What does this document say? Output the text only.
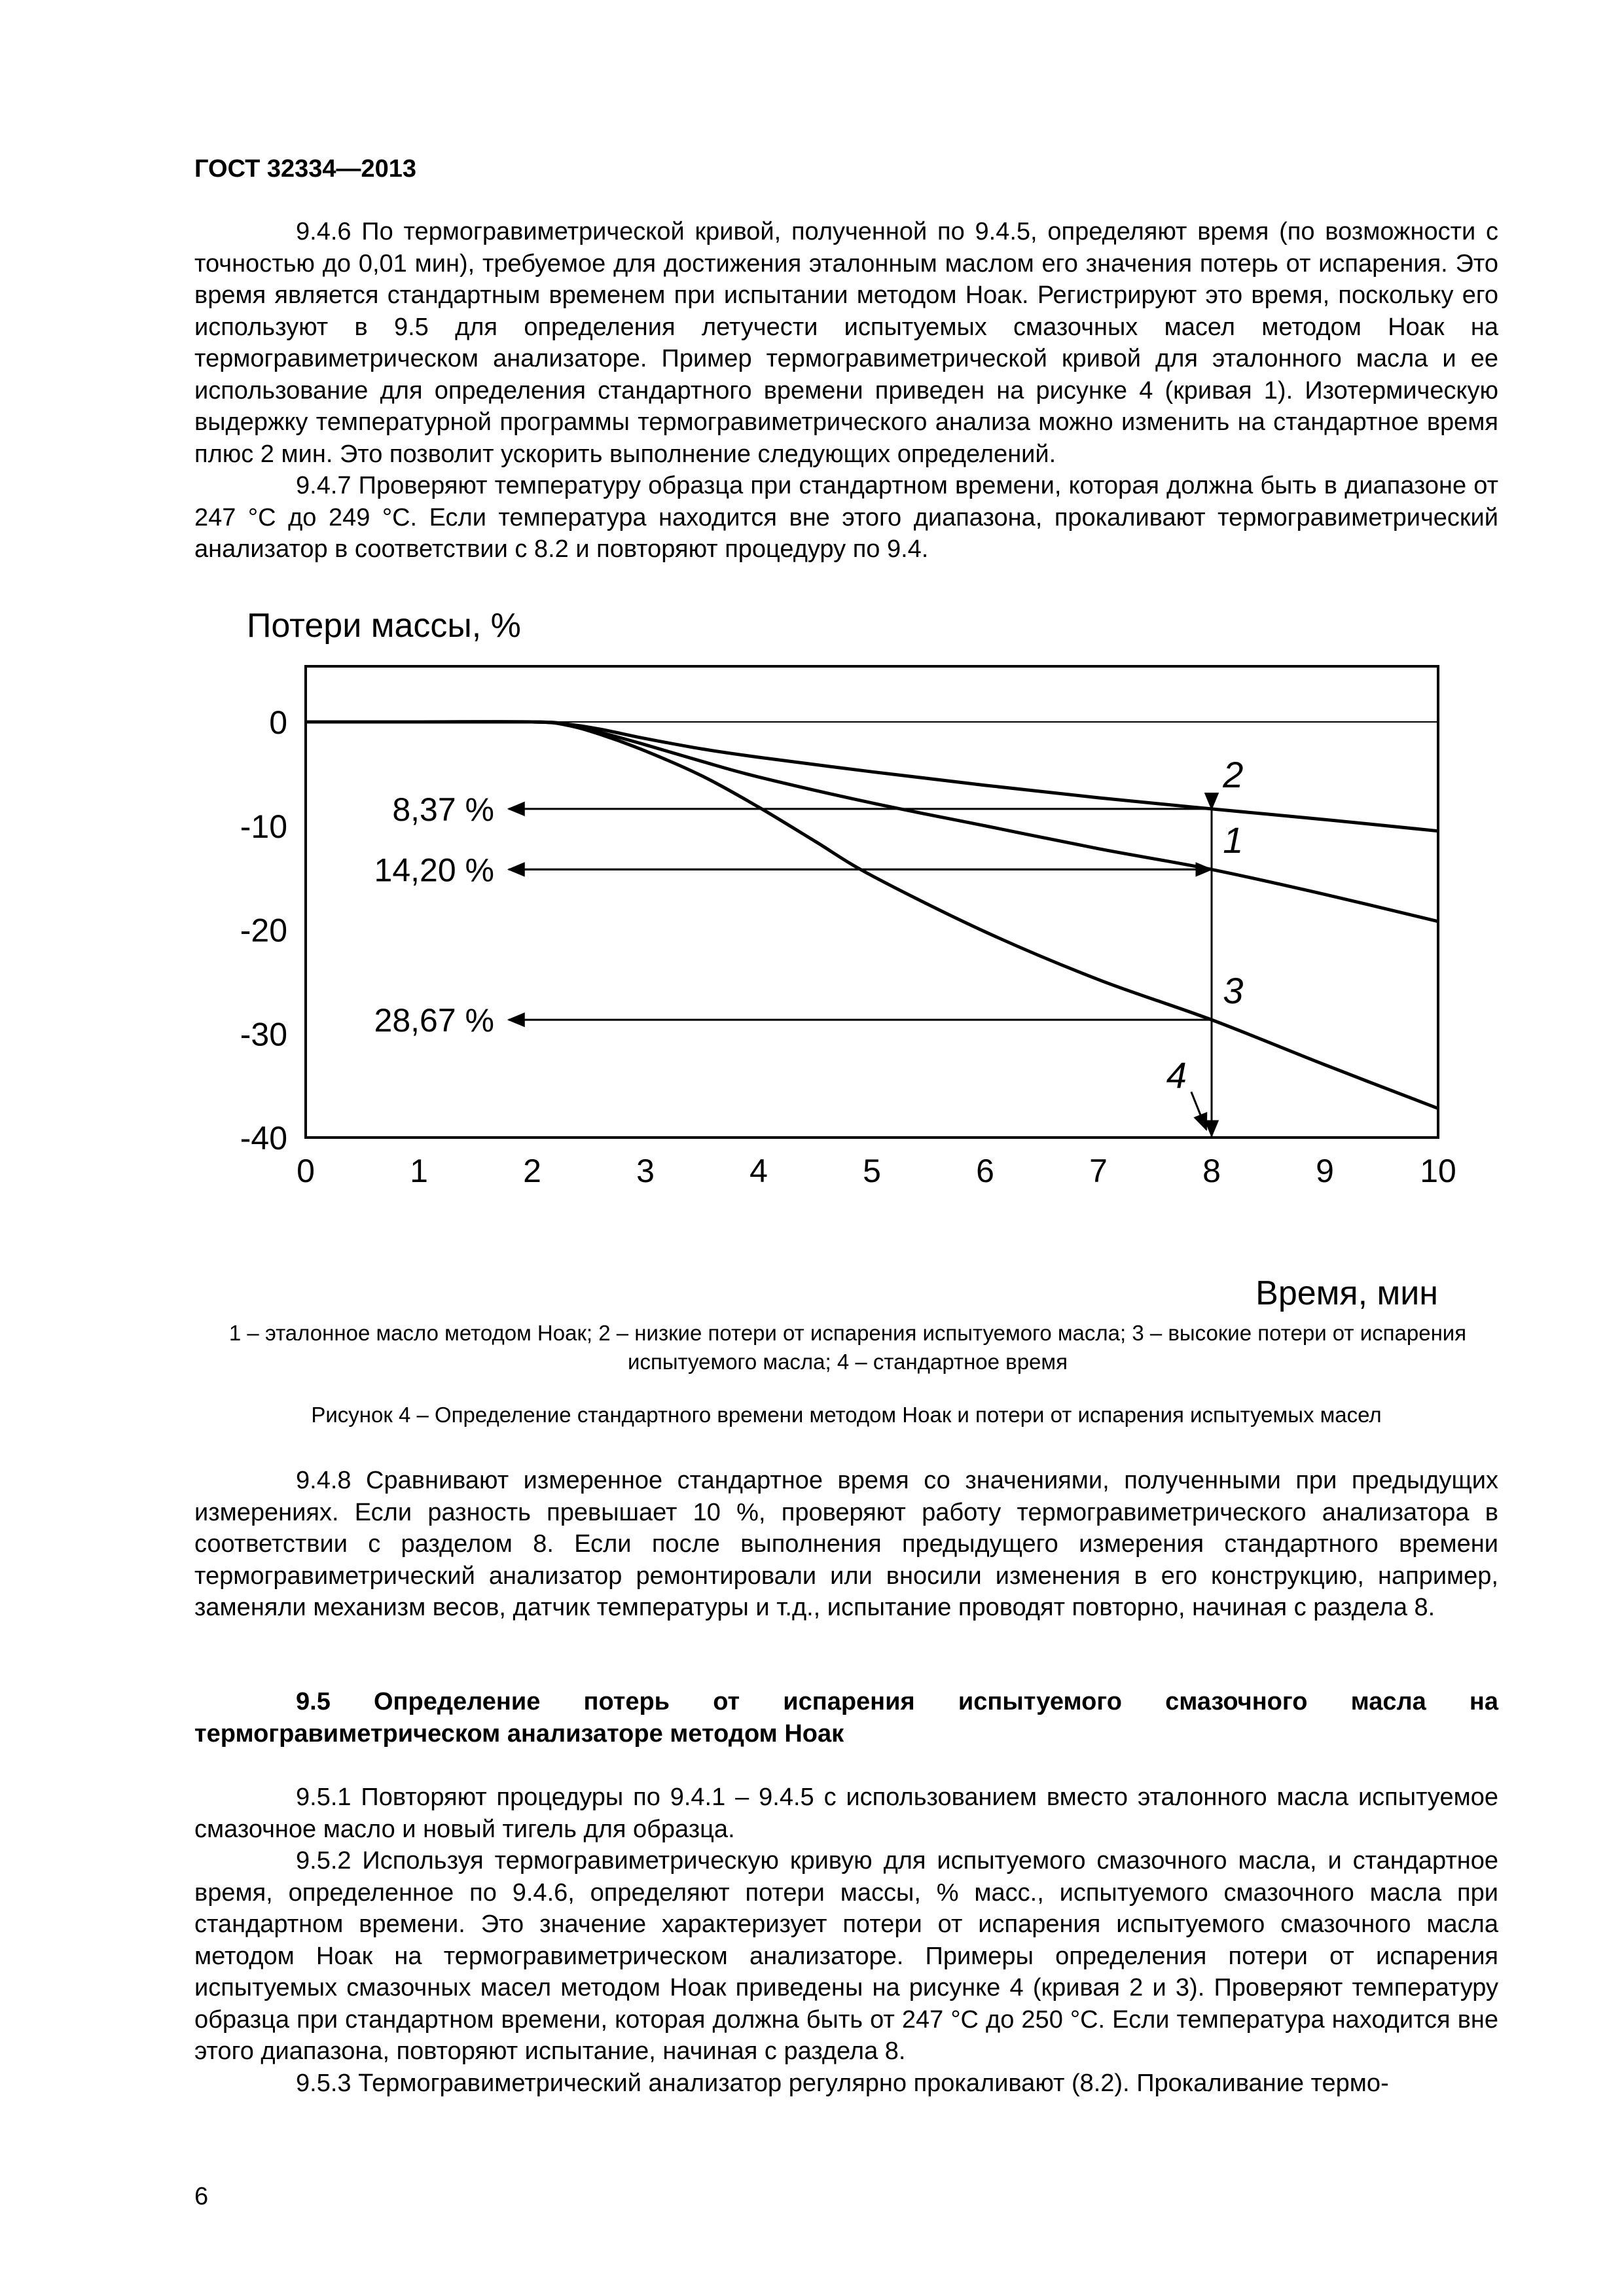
ГОСТ 32334—2013

9.4.6 По термогравиметрической кривой, полученной по 9.4.5, определяют время (по возможности с точностью до 0,01 мин), требуемое для достижения эталонным маслом его значения потерь от испарения. Это время является стандартным временем при испытании методом Ноак. Регистрируют это время, поскольку его используют в 9.5 для определения летучести испытуемых смазочных масел методом Ноак на термогравиметрическом анализаторе. Пример термогравиметрической кривой для эталонного масла и ее использование для определения стандартного времени приведен на рисунке 4 (кривая 1). Изотермическую выдержку температурной программы термогравиметрического анализа можно изменить на стандартное время плюс 2 мин. Это позволит ускорить выполнение следующих определений.

9.4.7 Проверяют температуру образца при стандартном времени, которая должна быть в диапазоне от 247 °С до 249 °С. Если температура находится вне этого диапазона, прокаливают термогравиметрический анализатор в соответствии с 8.2 и повторяют процедуру по 9.4.

8,37 %
14,20 %
28,67 %
Потери массы, %
Время, мин
0
-10
-20
-30
-40
0	1	2	3	4	5	6	7	8	9	10
2
1
3
4
1 – эталонное масло методом Ноак; 2 – низкие потери от испарения испытуемого масла; 3 – высокие потери от испарения испытуемого масла; 4 – стандартное время
Рисунок 4 – Определение стандартного времени методом Ноак и потери от испарения испытуемых масел

9.4.8 Сравнивают измеренное стандартное время со значениями, полученными при предыдущих измерениях. Если разность превышает 10 %, проверяют работу термогравиметрического анализатора в соответствии с разделом 8. Если после выполнения предыдущего измерения стандартного времени термогравиметрический анализатор ремонтировали или вносили изменения в его конструкцию, например, заменяли механизм весов, датчик температуры и т.д., испытание проводят повторно, начиная с раздела 8.

9.5 Определение потерь от испарения испытуемого смазочного масла на термогравиметрическом анализаторе методом Ноак

9.5.1 Повторяют процедуры по 9.4.1 – 9.4.5 с использованием вместо эталонного масла испытуемое смазочное масло и новый тигель для образца.

9.5.2 Используя термогравиметрическую кривую для испытуемого смазочного масла, и стандартное время, определенное по 9.4.6, определяют потери массы, % масс., испытуемого смазочного масла при стандартном времени. Это значение характеризует потери от испарения испытуемого смазочного масла методом Ноак на термогравиметрическом анализаторе. Примеры определения потери от испарения испытуемых смазочных масел методом Ноак приведены на рисунке 4 (кривая 2 и 3). Проверяют температуру образца при стандартном времени, которая должна быть от 247 °С до 250 °С. Если температура находится вне этого диапазона, повторяют испытание, начиная с раздела 8.

9.5.3 Термогравиметрический анализатор регулярно прокаливают (8.2). Прокаливание термо-

6
